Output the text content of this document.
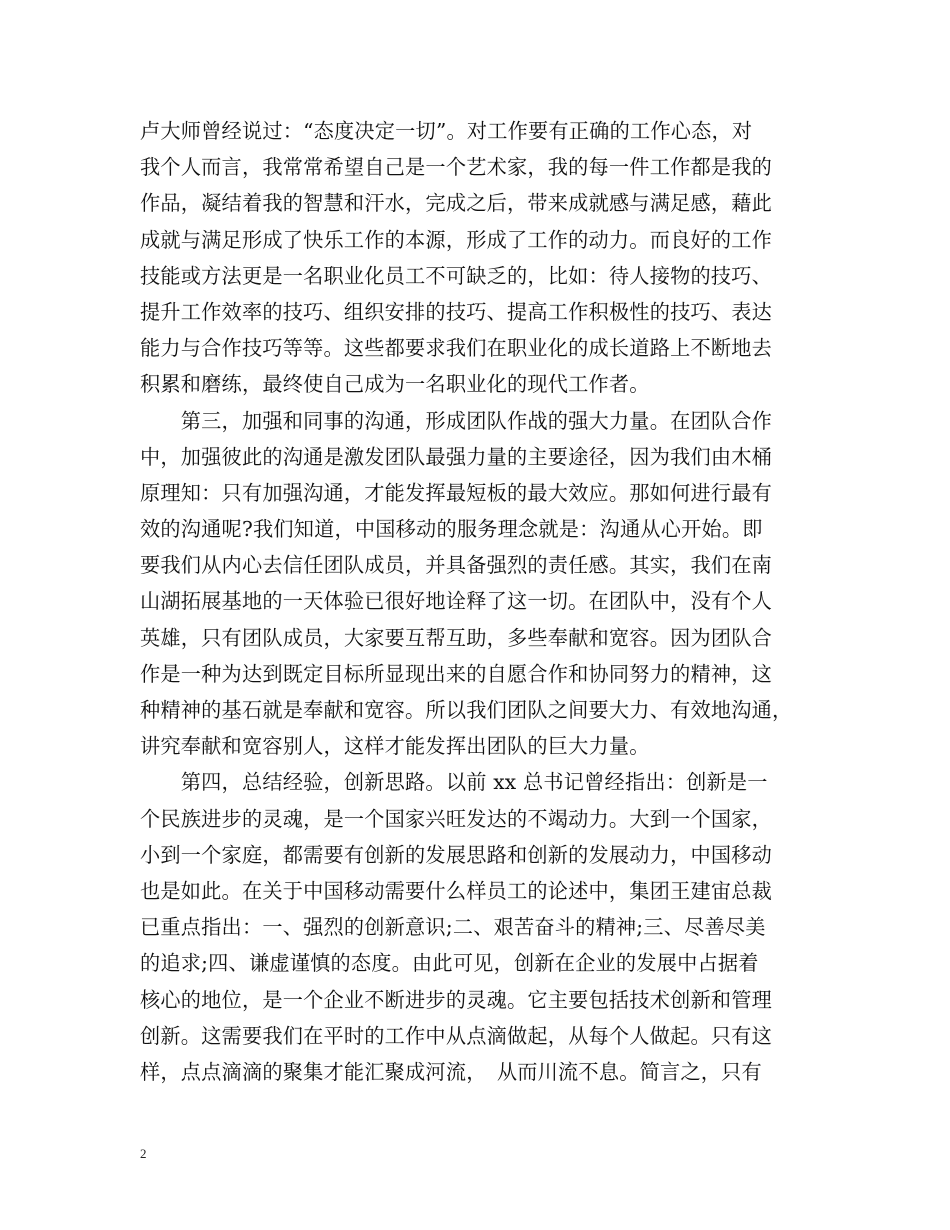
卢大师曾经说过：“态度决定一切”。对工作要有正确的工作心态，对
我个人而言，我常常希望自己是一个艺术家，我的每一件工作都是我的
作品，凝结着我的智慧和汗水，完成之后，带来成就感与满足感，藉此
成就与满足形成了快乐工作的本源，形成了工作的动力。而良好的工作
技能或方法更是一名职业化员工不可缺乏的，比如：待人接物的技巧、
提升工作效率的技巧、组织安排的技巧、提高工作积极性的技巧、表达
能力与合作技巧等等。这些都要求我们在职业化的成长道路上不断地去
积累和磨练，最终使自己成为一名职业化的现代工作者。
　　第三，加强和同事的沟通，形成团队作战的强大力量。在团队合作
中，加强彼此的沟通是激发团队最强力量的主要途径，因为我们由木桶
原理知：只有加强沟通，才能发挥最短板的最大效应。那如何进行最有
效的沟通呢?我们知道，中国移动的服务理念就是：沟通从心开始。即
要我们从内心去信任团队成员，并具备强烈的责任感。其实，我们在南
山湖拓展基地的一天体验已很好地诠释了这一切。在团队中，没有个人
英雄，只有团队成员，大家要互帮互助，多些奉献和宽容。因为团队合
作是一种为达到既定目标所显现出来的自愿合作和协同努力的精神，这
种精神的基石就是奉献和宽容。所以我们团队之间要大力、有效地沟通，
讲究奉献和宽容别人，这样才能发挥出团队的巨大力量。
　　第四，总结经验，创新思路。以前 xx 总书记曾经指出：创新是一
个民族进步的灵魂，是一个国家兴旺发达的不竭动力。大到一个国家，
小到一个家庭，都需要有创新的发展思路和创新的发展动力，中国移动
也是如此。在关于中国移动需要什么样员工的论述中，集团王建宙总裁
已重点指出：一、强烈的创新意识;二、艰苦奋斗的精神;三、尽善尽美
的追求;四、谦虚谨慎的态度。由此可见，创新在企业的发展中占据着
核心的地位，是一个企业不断进步的灵魂。它主要包括技术创新和管理
创新。这需要我们在平时的工作中从点滴做起，从每个人做起。只有这
样，点点滴滴的聚集才能汇聚成河流，　从而川流不息。简言之，只有
2
